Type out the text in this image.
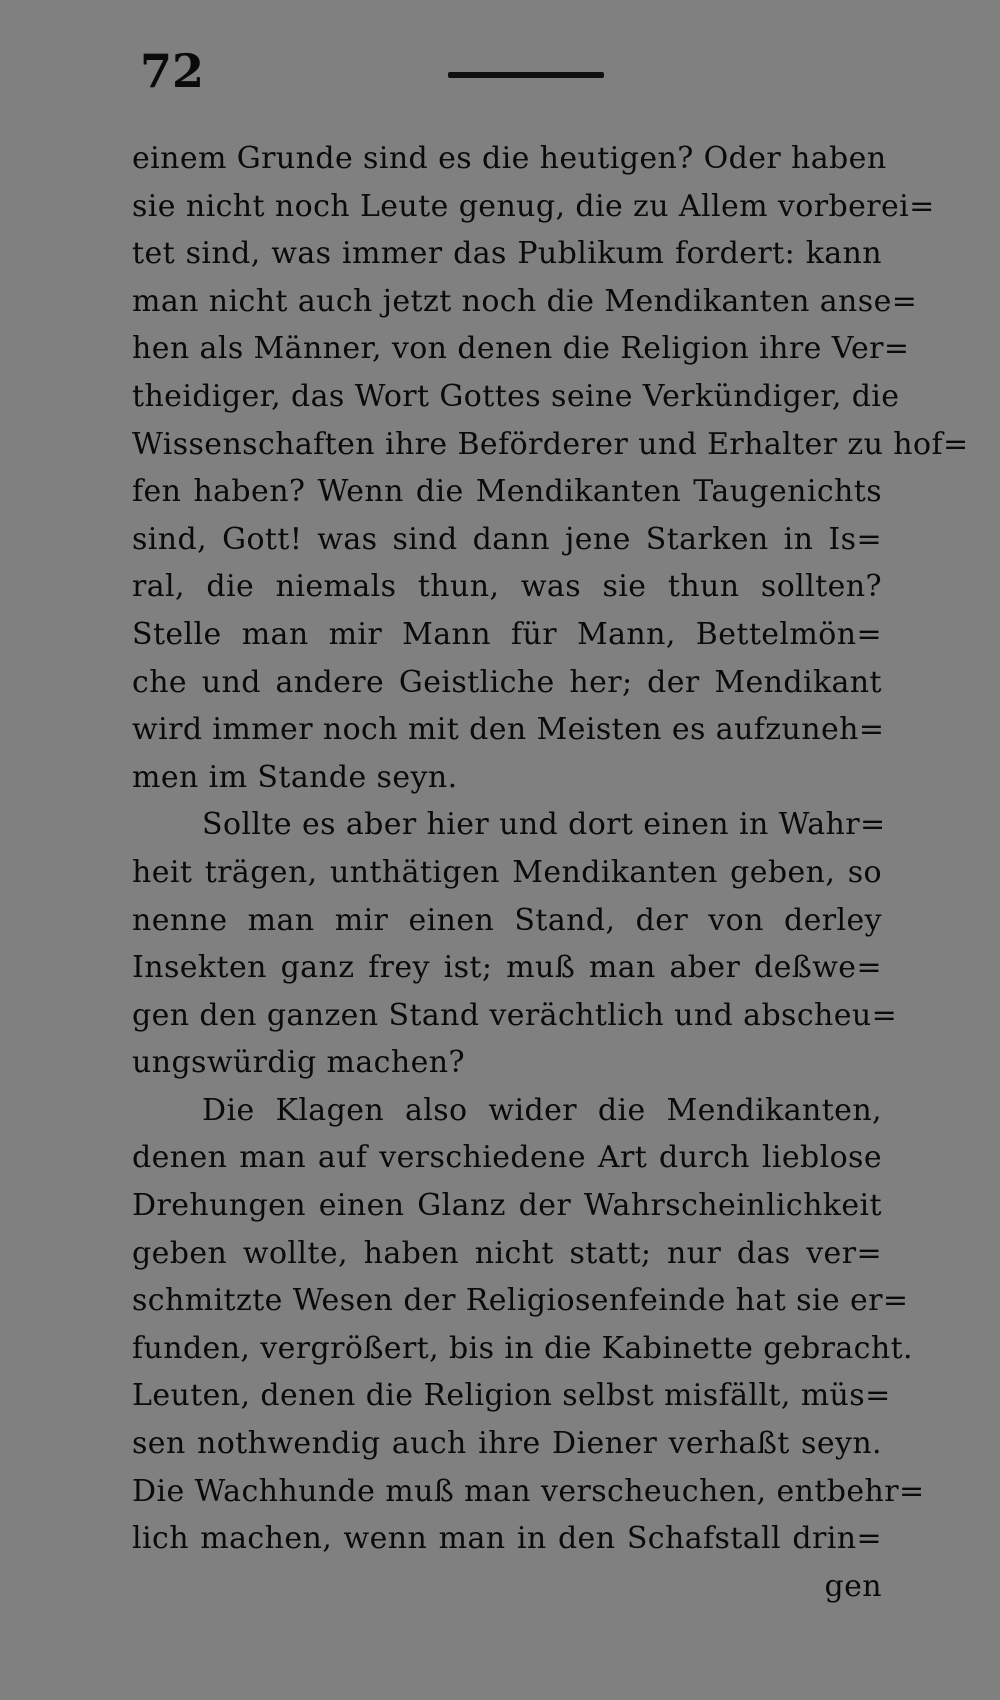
72
einem Grunde sind es die heutigen? Oder haben
sie nicht noch Leute genug, die zu Allem vorberei=
tet sind, was immer das Publikum fordert: kann
man nicht auch jetzt noch die Mendikanten anse=
hen als Männer, von denen die Religion ihre Ver=
theidiger, das Wort Gottes seine Verkündiger, die
Wissenschaften ihre Beförderer und Erhalter zu hof=
fen haben? Wenn die Mendikanten Taugenichts
sind, Gott! was sind dann jene Starken in Is=
ral, die niemals thun, was sie thun sollten?
Stelle man mir Mann für Mann, Bettelmön=
che und andere Geistliche her; der Mendikant
wird immer noch mit den Meisten es aufzuneh=
men im Stande seyn.
Sollte es aber hier und dort einen in Wahr=
heit trägen, unthätigen Mendikanten geben, so
nenne man mir einen Stand, der von derley
Insekten ganz frey ist; muß man aber deßwe=
gen den ganzen Stand verächtlich und abscheu=
ungswürdig machen?
Die Klagen also wider die Mendikanten,
denen man auf verschiedene Art durch lieblose
Drehungen einen Glanz der Wahrscheinlichkeit
geben wollte, haben nicht statt; nur das ver=
schmitzte Wesen der Religiosenfeinde hat sie er=
funden, vergrößert, bis in die Kabinette gebracht.
Leuten, denen die Religion selbst misfällt, müs=
sen nothwendig auch ihre Diener verhaßt seyn.
Die Wachhunde muß man verscheuchen, entbehr=
lich machen, wenn man in den Schafstall drin=
gen
